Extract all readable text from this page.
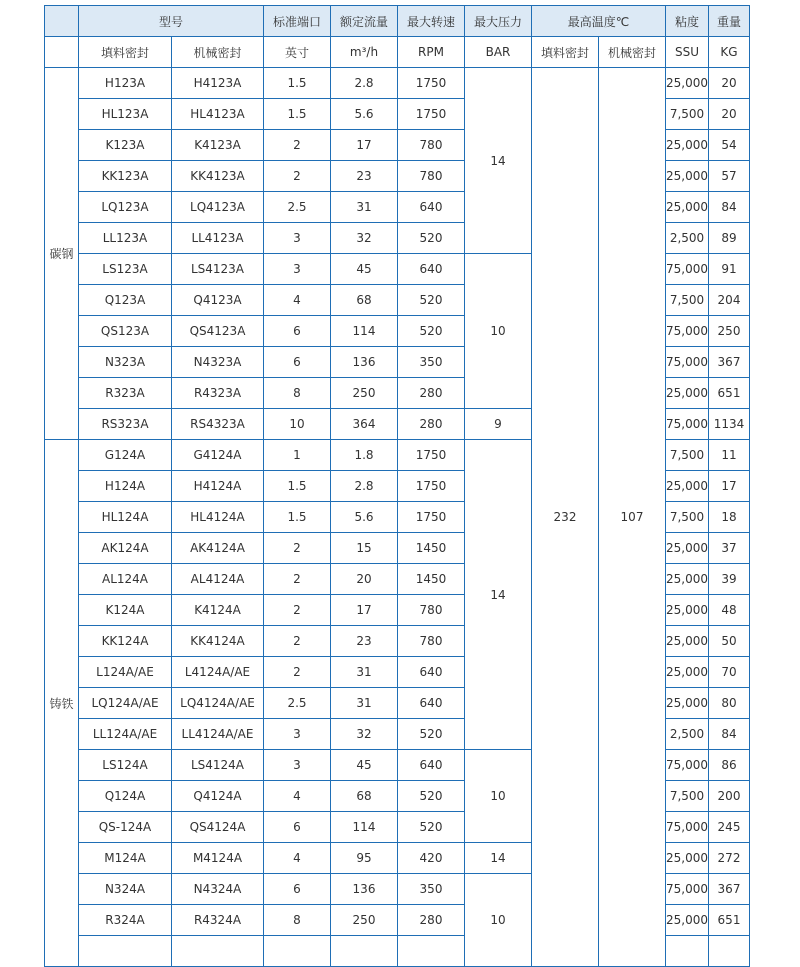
	型号		标准端口	额定流量	最大转速	最大压力	最高温度℃		粘度	重量
	填料密封	机械密封	英寸	m³/h	RPM	BAR	填料密封	机械密封	SSU	KG
碳钢	H123A	H4123A	1.5	2.8	1750	14	232	107	25,000	20
	HL123A	HL4123A	1.5	5.6	1750				7,500	20
	K123A	K4123A	2	17	780				25,000	54
	KK123A	KK4123A	2	23	780				25,000	57
	LQ123A	LQ4123A	2.5	31	640				25,000	84
	LL123A	LL4123A	3	32	520				2,500	89
	LS123A	LS4123A	3	45	640	10			75,000	91
	Q123A	Q4123A	4	68	520				7,500	204
	QS123A	QS4123A	6	114	520				75,000	250
	N323A	N4323A	6	136	350				75,000	367
	R323A	R4323A	8	250	280				25,000	651
	RS323A	RS4323A	10	364	280	9			75,000	1134
铸铁	G124A	G4124A	1	1.8	1750	14			7,500	11
	H124A	H4124A	1.5	2.8	1750				25,000	17
	HL124A	HL4124A	1.5	5.6	1750				7,500	18
	AK124A	AK4124A	2	15	1450				25,000	37
	AL124A	AL4124A	2	20	1450				25,000	39
	K124A	K4124A	2	17	780				25,000	48
	KK124A	KK4124A	2	23	780				25,000	50
	L124A/AE	L4124A/AE	2	31	640				25,000	70
	LQ124A/AE	LQ4124A/AE	2.5	31	640				25,000	80
	LL124A/AE	LL4124A/AE	3	32	520				2,500	84
	LS124A	LS4124A	3	45	640	10			75,000	86
	Q124A	Q4124A	4	68	520				7,500	200
	QS-124A	QS4124A	6	114	520				75,000	245
	M124A	M4124A	4	95	420	14			25,000	272
	N324A	N4324A	6	136	350	10			75,000	367
	R324A	R4324A	8	250	280				25,000	651
